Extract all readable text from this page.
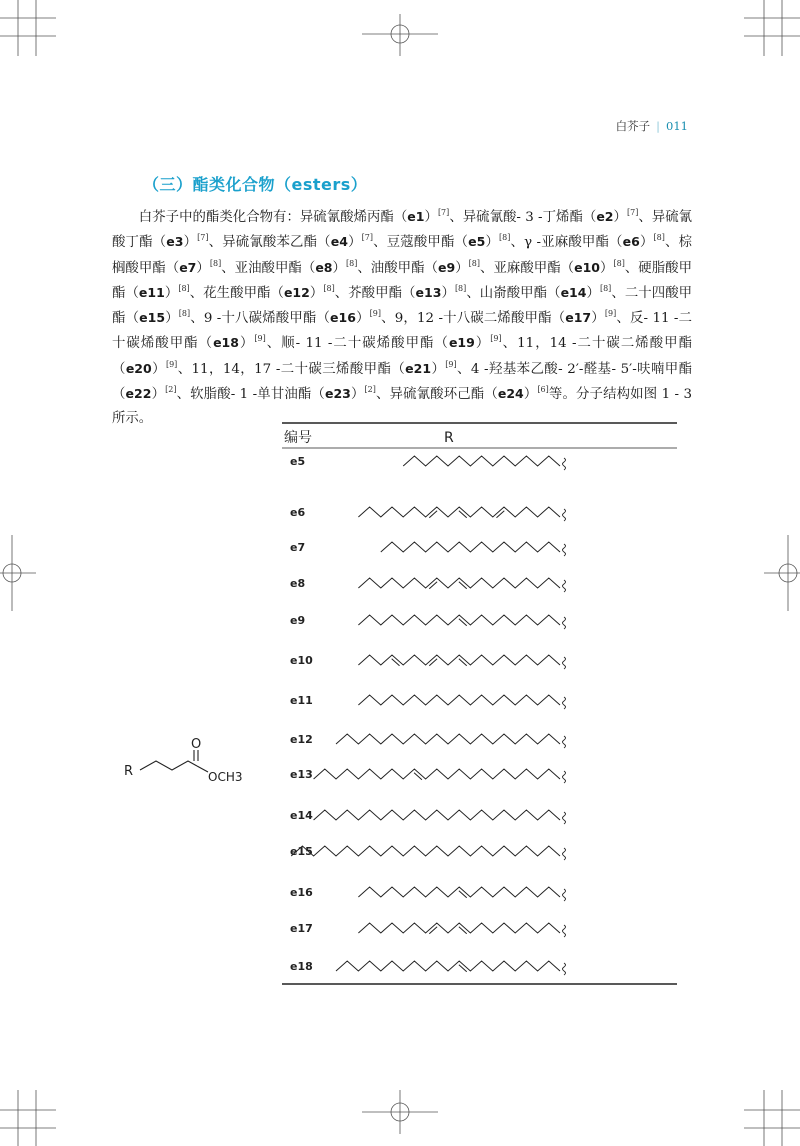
白芥子 | 011
（三）酯类化合物（esters）
白芥子中的酯类化合物有：异硫氰酸烯丙酯（e1）[7]、异硫氰酸- 3 -丁烯酯（e2）[7]、异硫氰酸丁酯（e3）[7]、异硫氰酸苯乙酯（e4）[7]、豆蔻酸甲酯（e5）[8]、γ -亚麻酸甲酯（e6）[8]、棕榈酸甲酯（e7）[8]、亚油酸甲酯（e8）[8]、油酸甲酯（e9）[8]、亚麻酸甲酯（e10）[8]、硬脂酸甲酯（e11）[8]、花生酸甲酯（e12）[8]、芥酸甲酯（e13）[8]、山嵛酸甲酯（e14）[8]、二十四酸甲酯（e15）[8]、9 -十八碳烯酸甲酯（e16）[9]、9，12 -十八碳二烯酸甲酯（e17）[9]、反- 11 -二十碳烯酸甲酯（e18）[9]、顺- 11 -二十碳烯酸甲酯（e19）[9]、11，14 -二十碳二烯酸甲酯（e20）[9]、11，14，17 -二十碳三烯酸甲酯（e21）[9]、4 -羟基苯乙酸- 2′-醛基- 5′-呋喃甲酯（e22）[2]、软脂酸- 1 -单甘油酯（e23）[2]、异硫氰酸环己酯（e24）[6]等。分子结构如图 1 - 3 所示。
R
O
OCH3
编号	R
e5
e6
e7
e8
e9
e10
e11
e12
e13
e14
e15
e16
e17
e18
